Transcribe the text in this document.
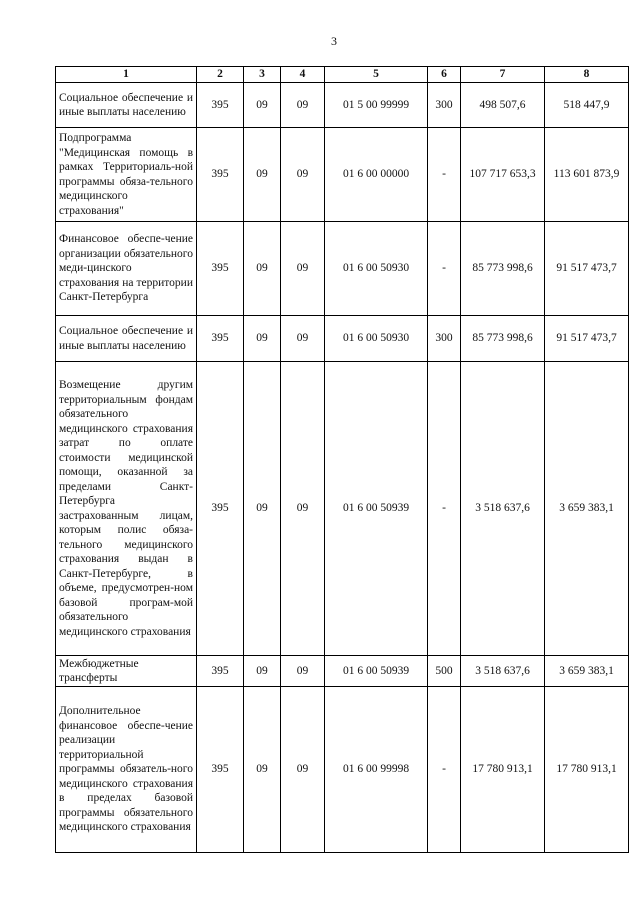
3
1	2	3	4	5	6	7	8
Социальное обеспечение и иные выплаты населению	395	09	09	01 5 00 99999	300	498 507,6	518 447,9
Подпрограмма "Медицинская помощь в рамках Территориаль-ной программы обяза-тельного медицинского страхования"	395	09	09	01 6 00 00000	-	107 717 653,3	113 601 873,9
Финансовое обеспе-чение организации обязательного меди-цинского страхования на территории Санкт-Петербурга	395	09	09	01 6 00 50930	-	85 773 998,6	91 517 473,7
Социальное обеспечение и иные выплаты населению	395	09	09	01 6 00 50930	300	85 773 998,6	91 517 473,7
Возмещение другим территориальным фондам обязательного медицинского страхования затрат по оплате стоимости медицинской помощи, оказанной за пределами Санкт-Петербурга застрахованным лицам, которым полис обяза-тельного медицинского страхования выдан в Санкт-Петербурге, в объеме, предусмотрен-ном базовой програм-мой обязательного медицинского страхования	395	09	09	01 6 00 50939	-	3 518 637,6	3 659 383,1
Межбюджетные трансферты	395	09	09	01 6 00 50939	500	3 518 637,6	3 659 383,1
Дополнительное финансовое обеспе-чение реализации территориальной программы обязатель-ного медицинского страхования в пределах базовой программы обязательного медицинского страхования	395	09	09	01 6 00 99998	-	17 780 913,1	17 780 913,1
